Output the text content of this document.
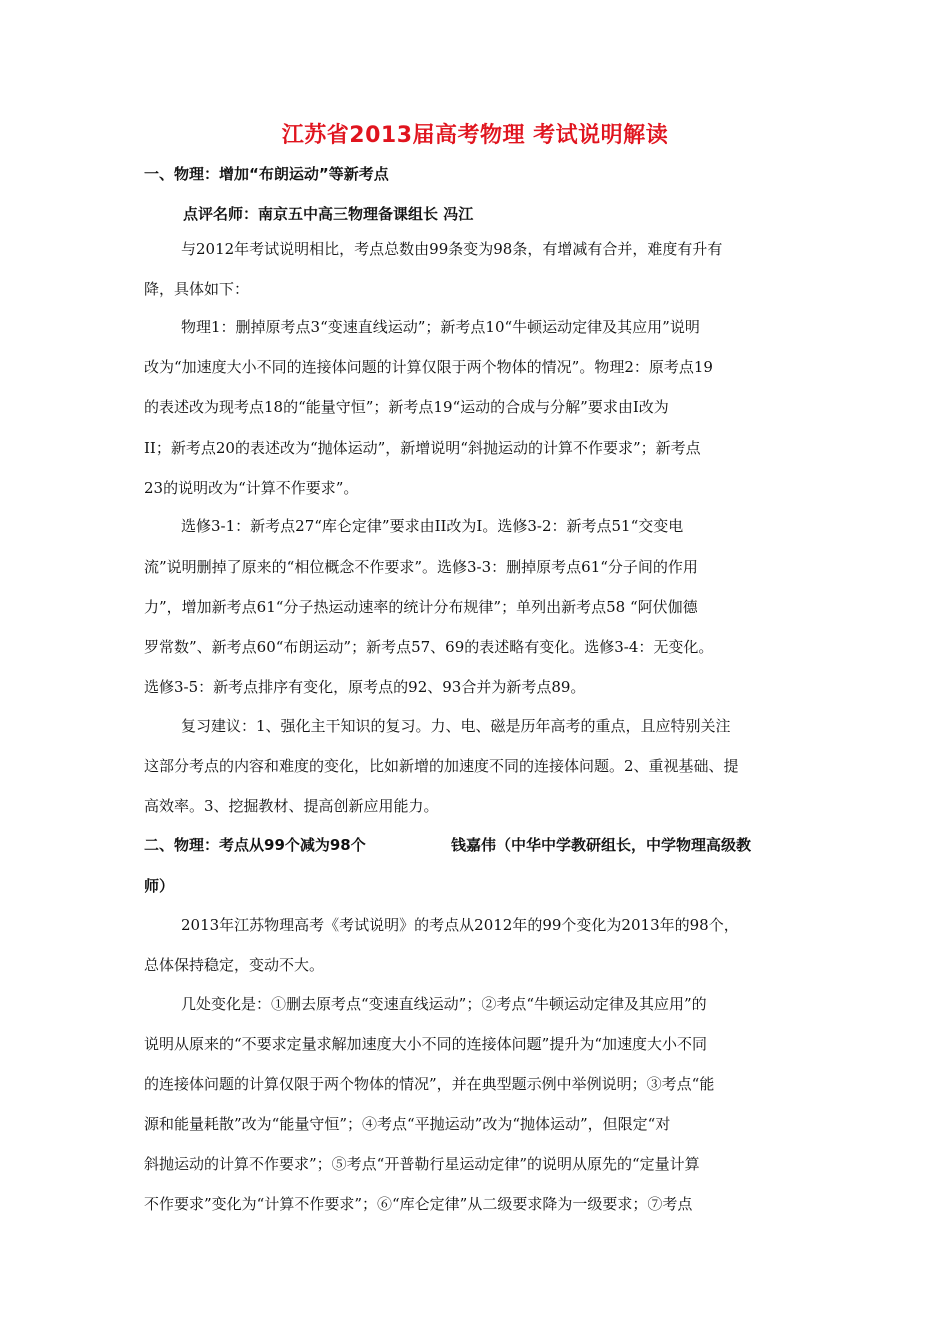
江苏省2013届高考物理 考试说明解读
一、物理：增加“布朗运动”等新考点
点评名师：南京五中高三物理备课组长 冯江
与2012年考试说明相比，考点总数由99条变为98条，有增减有合并，难度有升有
降，具体如下：
物理1：删掉原考点3“变速直线运动”；新考点10“牛顿运动定律及其应用”说明
改为“加速度大小不同的连接体问题的计算仅限于两个物体的情况”。物理2：原考点19
的表述改为现考点18的“能量守恒”；新考点19“运动的合成与分解”要求由I改为
II；新考点20的表述改为“抛体运动”，新增说明“斜抛运动的计算不作要求”；新考点
23的说明改为“计算不作要求”。
选修3-1：新考点27“库仑定律”要求由II改为I。选修3-2：新考点51“交变电
流”说明删掉了原来的“相位概念不作要求”。选修3-3：删掉原考点61“分子间的作用
力”，增加新考点61“分子热运动速率的统计分布规律”；单列出新考点58 “阿伏伽德
罗常数”、新考点60“布朗运动”；新考点57、69的表述略有变化。选修3-4：无变化。
选修3-5：新考点排序有变化，原考点的92、93合并为新考点89。
复习建议：1、强化主干知识的复习。力、电、磁是历年高考的重点，且应特别关注
这部分考点的内容和难度的变化，比如新增的加速度不同的连接体问题。2、重视基础、提
高效率。3、挖掘教材、提高创新应用能力。
二、物理：考点从99个减为98个	钱嘉伟（中华中学教研组长，中学物理高级教
师）
2013年江苏物理高考《考试说明》的考点从2012年的99个变化为2013年的98个，
总体保持稳定，变动不大。
几处变化是：①删去原考点“变速直线运动”；②考点“牛顿运动定律及其应用”的
说明从原来的“不要求定量求解加速度大小不同的连接体问题”提升为“加速度大小不同
的连接体问题的计算仅限于两个物体的情况”，并在典型题示例中举例说明；③考点“能
源和能量耗散”改为“能量守恒”；④考点“平抛运动”改为“抛体运动”，但限定“对
斜抛运动的计算不作要求”；⑤考点“开普勒行星运动定律”的说明从原先的“定量计算
不作要求”变化为“计算不作要求”；⑥“库仑定律”从二级要求降为一级要求；⑦考点
